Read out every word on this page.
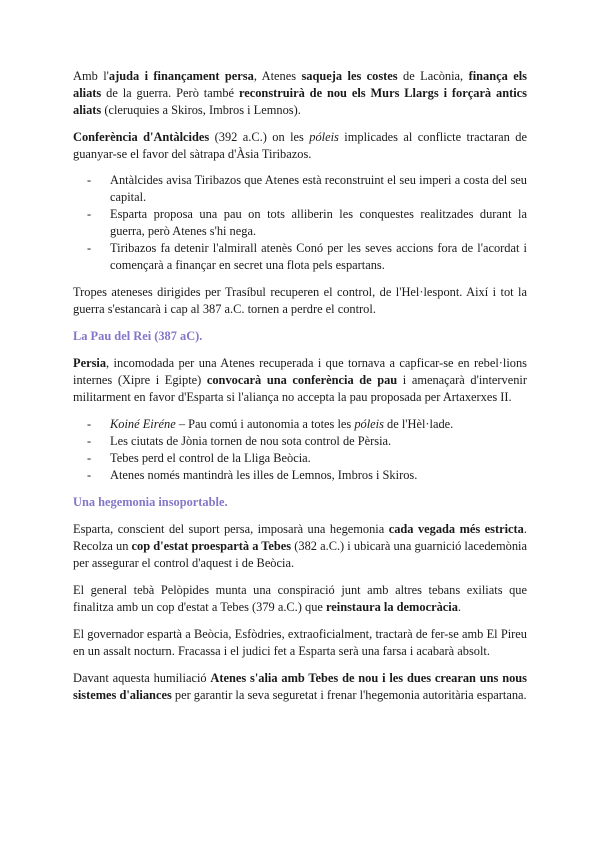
Amb l'ajuda i finançament persa, Atenes saqueja les costes de Lacònia, finança els aliats de la guerra. Però també reconstruirà de nou els Murs Llargs i forçarà antics aliats (cleruquies a Skiros, Imbros i Lemnos).

Conferència d'Antàlcides (392 a.C.) on les póleis implicades al conflicte tractaran de guanyar-se el favor del sàtrapa d'Àsia Tiribazos.

- Antàlcides avisa Tiribazos que Atenes està reconstruint el seu imperi a costa del seu capital.
- Esparta proposa una pau on tots alliberin les conquestes realitzades durant la guerra, però Atenes s'hi nega.
- Tiribazos fa detenir l'almirall atenès Conó per les seves accions fora de l'acordat i començarà a finançar en secret una flota pels espartans.

Tropes ateneses dirigides per Trasíbul recuperen el control, de l'Hel·lespont. Així i tot la guerra s'estancarà i cap al 387 a.C. tornen a perdre el control.

La Pau del Rei (387 aC).

Persia, incomodada per una Atenes recuperada i que tornava a capficar-se en rebel·lions internes (Xipre i Egipte) convocarà una conferència de pau i amenaçarà d'intervenir militarment en favor d'Esparta si l'aliança no accepta la pau proposada per Artaxerxes II.

- Koiné Eiréne – Pau comú i autonomia a totes les póleis de l'Hèl·lade.
- Les ciutats de Jònia tornen de nou sota control de Pèrsia.
- Tebes perd el control de la Lliga Beòcia.
- Atenes només mantindrà les illes de Lemnos, Imbros i Skiros.
Una hegemonia insoportable.

Esparta, conscient del suport persa, imposarà una hegemonia cada vegada més estricta. Recolza un cop d'estat proespartà a Tebes (382 a.C.) i ubicarà una guarnició lacedemònia per assegurar el control d'aquest i de Beòcia.

El general tebà Pelòpides munta una conspiració junt amb altres tebans exiliats que finalitza amb un cop d'estat a Tebes (379 a.C.) que reinstaura la democràcia.

El governador espartà a Beòcia, Esfòdries, extraoficialment, tractarà de fer-se amb El Pireu en un assalt nocturn. Fracassa i el judici fet a Esparta serà una farsa i acabarà absolt.

Davant aquesta humiliació Atenes s'alia amb Tebes de nou i les dues crearan uns nous sistemes d'aliances per garantir la seva seguretat i frenar l'hegemonia autoritària espartana.
